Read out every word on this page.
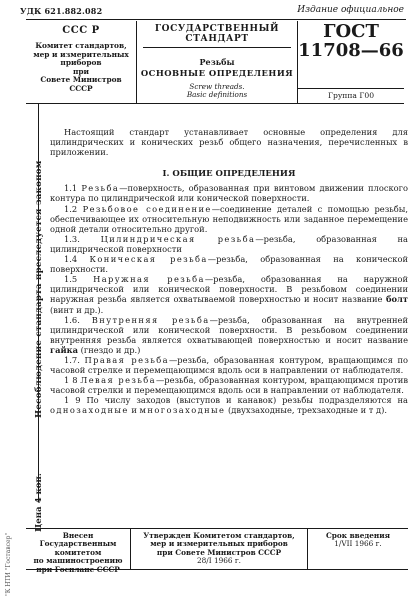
УДК 621.882.082	Издание официальное
ССС Р
Комитет стандартов,
мер и измерительных
приборов
при
Совете Министров
СССР
ГОСУДАРСТВЕННЫЙ
СТАНДАРТ
Резьбы
ОСНОВНЫЕ ОПРЕДЕЛЕНИЯ
Screw threads.
Basic definitions
ГОСТ
11708—66
Группа Г00
Несоблюдение стандарта преследуется законом
Цена 4 коп.
"К НТИ "Гоставсер"

Настоящий стандарт устанавливает основные определения для цилиндрических и конических резьб общего назначения, перечисленных в приложении.

I. ОБЩИЕ ОПРЕДЕЛЕНИЯ

1.1 Резьба—поверхность, образованная при винтовом движении плоского контура по цилиндрической или конической поверхности.

1.2 Резьбовое соединение—соединение деталей с помощью резьбы, обеспечивающее их относительную неподвижность или заданное перемещение одной детали относительно другой.

1.3. Цилиндрическая резьба—резьба, образованная на цилиндрической поверхности

1.4 Коническая резьба—резьба, образованная на конической поверхности.

1.5 Наружная резьба—резьба, образованная на наружной цилиндрической или конической поверхности. В резьбовом соединении наружная резьба является охватываемой поверхностью и носит название болт (винт и др.).

1.6. Внутренняя резьба—резьба, образованная на внутренней цилиндрической или конической поверхности. В резьбовом соединении внутренняя резьба является охватывающей поверхностью и носит название гайка (гнездо и др.)

1.7. Правая резьба—резьба, образованная контуром, вращающимся по часовой стрелке и перемещающимся вдоль оси в направлении от наблюдателя.

1 8 Левая резьба—резьба, образованная контуром, вращающимся против часовой стрелки и перемещающимся вдоль оси в направлении от наблюдателя.

1 9 По числу заходов (выступов и канавок) резьбы подразделяются на однозаходные и многозаходные (двухзаходные, трехзаходные и т д).

Внесен Государственным
комитетом
по машиностроению
при Госплане СССР
Утвержден Комитетом стандартов,
мер и измерительных приборов
при Совете Министров СССР
28/I 1966 г.
Срок введения
1/VII 1966 г.
